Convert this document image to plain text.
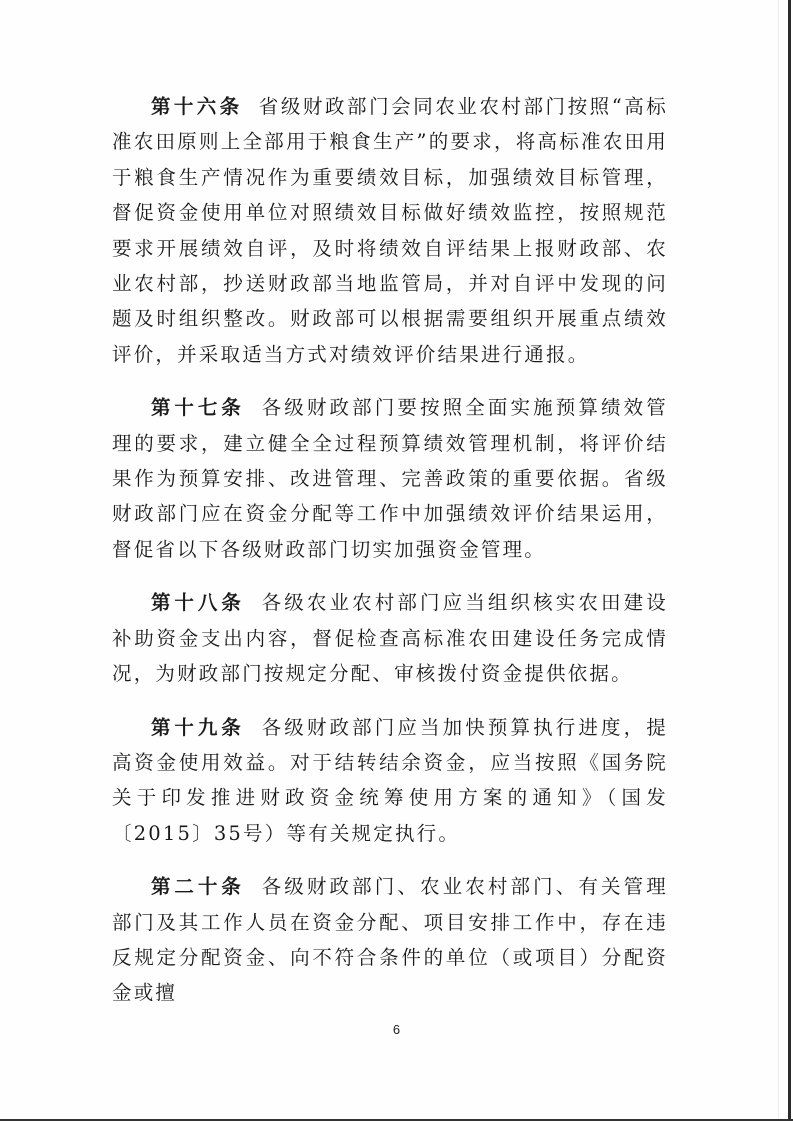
第十六条 省级财政部门会同农业农村部门按照“高标准农田原则上全部用于粮食生产”的要求，将高标准农田用于粮食生产情况作为重要绩效目标，加强绩效目标管理，督促资金使用单位对照绩效目标做好绩效监控，按照规范要求开展绩效自评，及时将绩效自评结果上报财政部、农业农村部，抄送财政部当地监管局，并对自评中发现的问题及时组织整改。财政部可以根据需要组织开展重点绩效评价，并采取适当方式对绩效评价结果进行通报。

第十七条 各级财政部门要按照全面实施预算绩效管理的要求，建立健全全过程预算绩效管理机制，将评价结果作为预算安排、改进管理、完善政策的重要依据。省级财政部门应在资金分配等工作中加强绩效评价结果运用，督促省以下各级财政部门切实加强资金管理。

第十八条 各级农业农村部门应当组织核实农田建设补助资金支出内容，督促检查高标准农田建设任务完成情况，为财政部门按规定分配、审核拨付资金提供依据。

第十九条 各级财政部门应当加快预算执行进度，提高资金使用效益。对于结转结余资金，应当按照《国务院关于印发推进财政资金统筹使用方案的通知》（国发〔2015〕35号）等有关规定执行。

第二十条 各级财政部门、农业农村部门、有关管理部门及其工作人员在资金分配、项目安排工作中，存在违反规定分配资金、向不符合条件的单位（或项目）分配资金或擅

6
